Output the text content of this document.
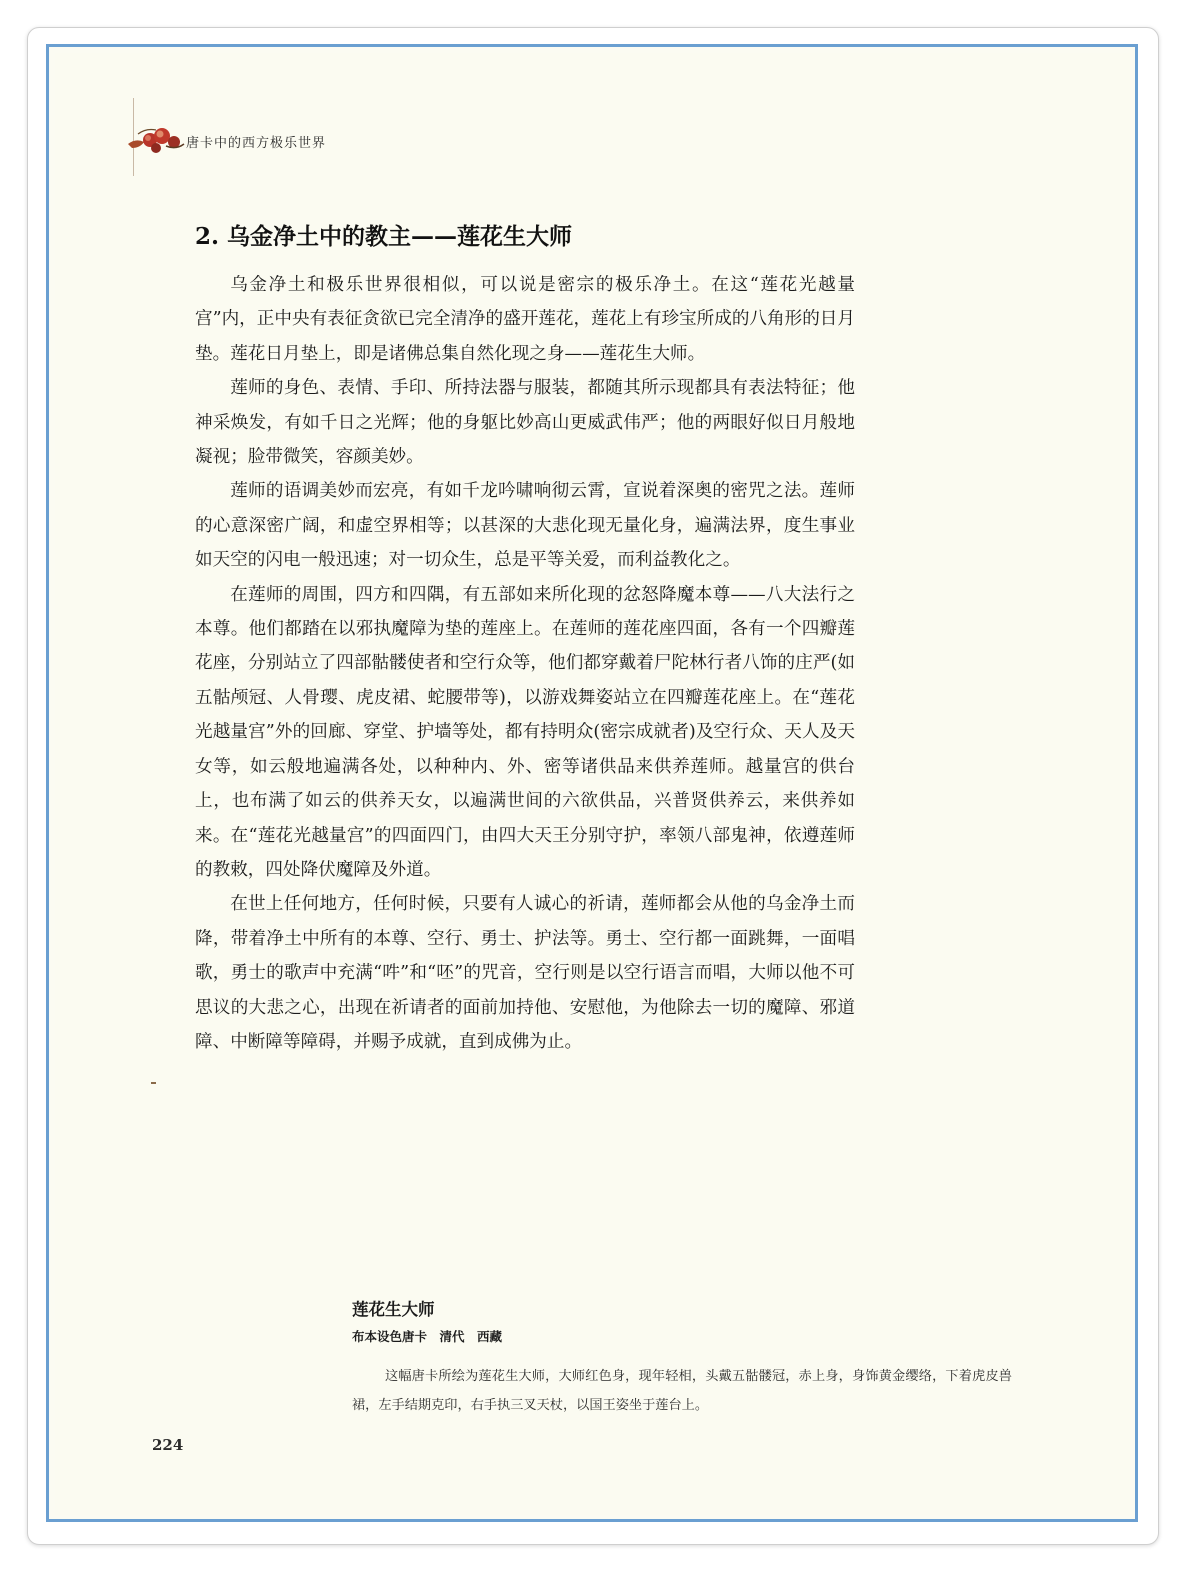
唐卡中的西方极乐世界
2. 乌金净土中的教主——莲花生大师

乌金净土和极乐世界很相似，可以说是密宗的极乐净土。在这“莲花光越量宫”内，正中央有表征贪欲已完全清净的盛开莲花，莲花上有珍宝所成的八角形的日月垫。莲花日月垫上，即是诸佛总集自然化现之身——莲花生大师。

莲师的身色、表情、手印、所持法器与服装，都随其所示现都具有表法特征；他神采焕发，有如千日之光辉；他的身躯比妙高山更威武伟严；他的两眼好似日月般地凝视；脸带微笑，容颜美妙。

莲师的语调美妙而宏亮，有如千龙吟啸响彻云霄，宣说着深奥的密咒之法。莲师的心意深密广阔，和虚空界相等；以甚深的大悲化现无量化身，遍满法界，度生事业如天空的闪电一般迅速；对一切众生，总是平等关爱，而利益教化之。

在莲师的周围，四方和四隅，有五部如来所化现的忿怒降魔本尊——八大法行之本尊。他们都踏在以邪执魔障为垫的莲座上。在莲师的莲花座四面，各有一个四瓣莲花座，分别站立了四部骷髅使者和空行众等，他们都穿戴着尸陀林行者八饰的庄严(如五骷颅冠、人骨璎、虎皮裙、蛇腰带等)，以游戏舞姿站立在四瓣莲花座上。在“莲花光越量宫”外的回廊、穿堂、护墙等处，都有持明众(密宗成就者)及空行众、天人及天女等，如云般地遍满各处，以种种内、外、密等诸供品来供养莲师。越量宫的供台上，也布满了如云的供养天女，以遍满世间的六欲供品，兴普贤供养云，来供养如来。在“莲花光越量宫”的四面四门，由四大天王分别守护，率领八部鬼神，依遵莲师的教敕，四处降伏魔障及外道。

在世上任何地方，任何时候，只要有人诚心的祈请，莲师都会从他的乌金净土而降，带着净土中所有的本尊、空行、勇士、护法等。勇士、空行都一面跳舞，一面唱歌，勇士的歌声中充满“吽”和“呸”的咒音，空行则是以空行语言而唱，大师以他不可思议的大悲之心，出现在祈请者的面前加持他、安慰他，为他除去一切的魔障、邪道障、中断障等障碍，并赐予成就，直到成佛为止。

莲花生大师
布本设色唐卡　清代　西藏

这幅唐卡所绘为莲花生大师，大师红色身，现年轻相，头戴五骷髅冠，赤上身，身饰黄金缨络，下着虎皮兽裙，左手结期克印，右手执三叉天杖，以国王姿坐于莲台上。

224
